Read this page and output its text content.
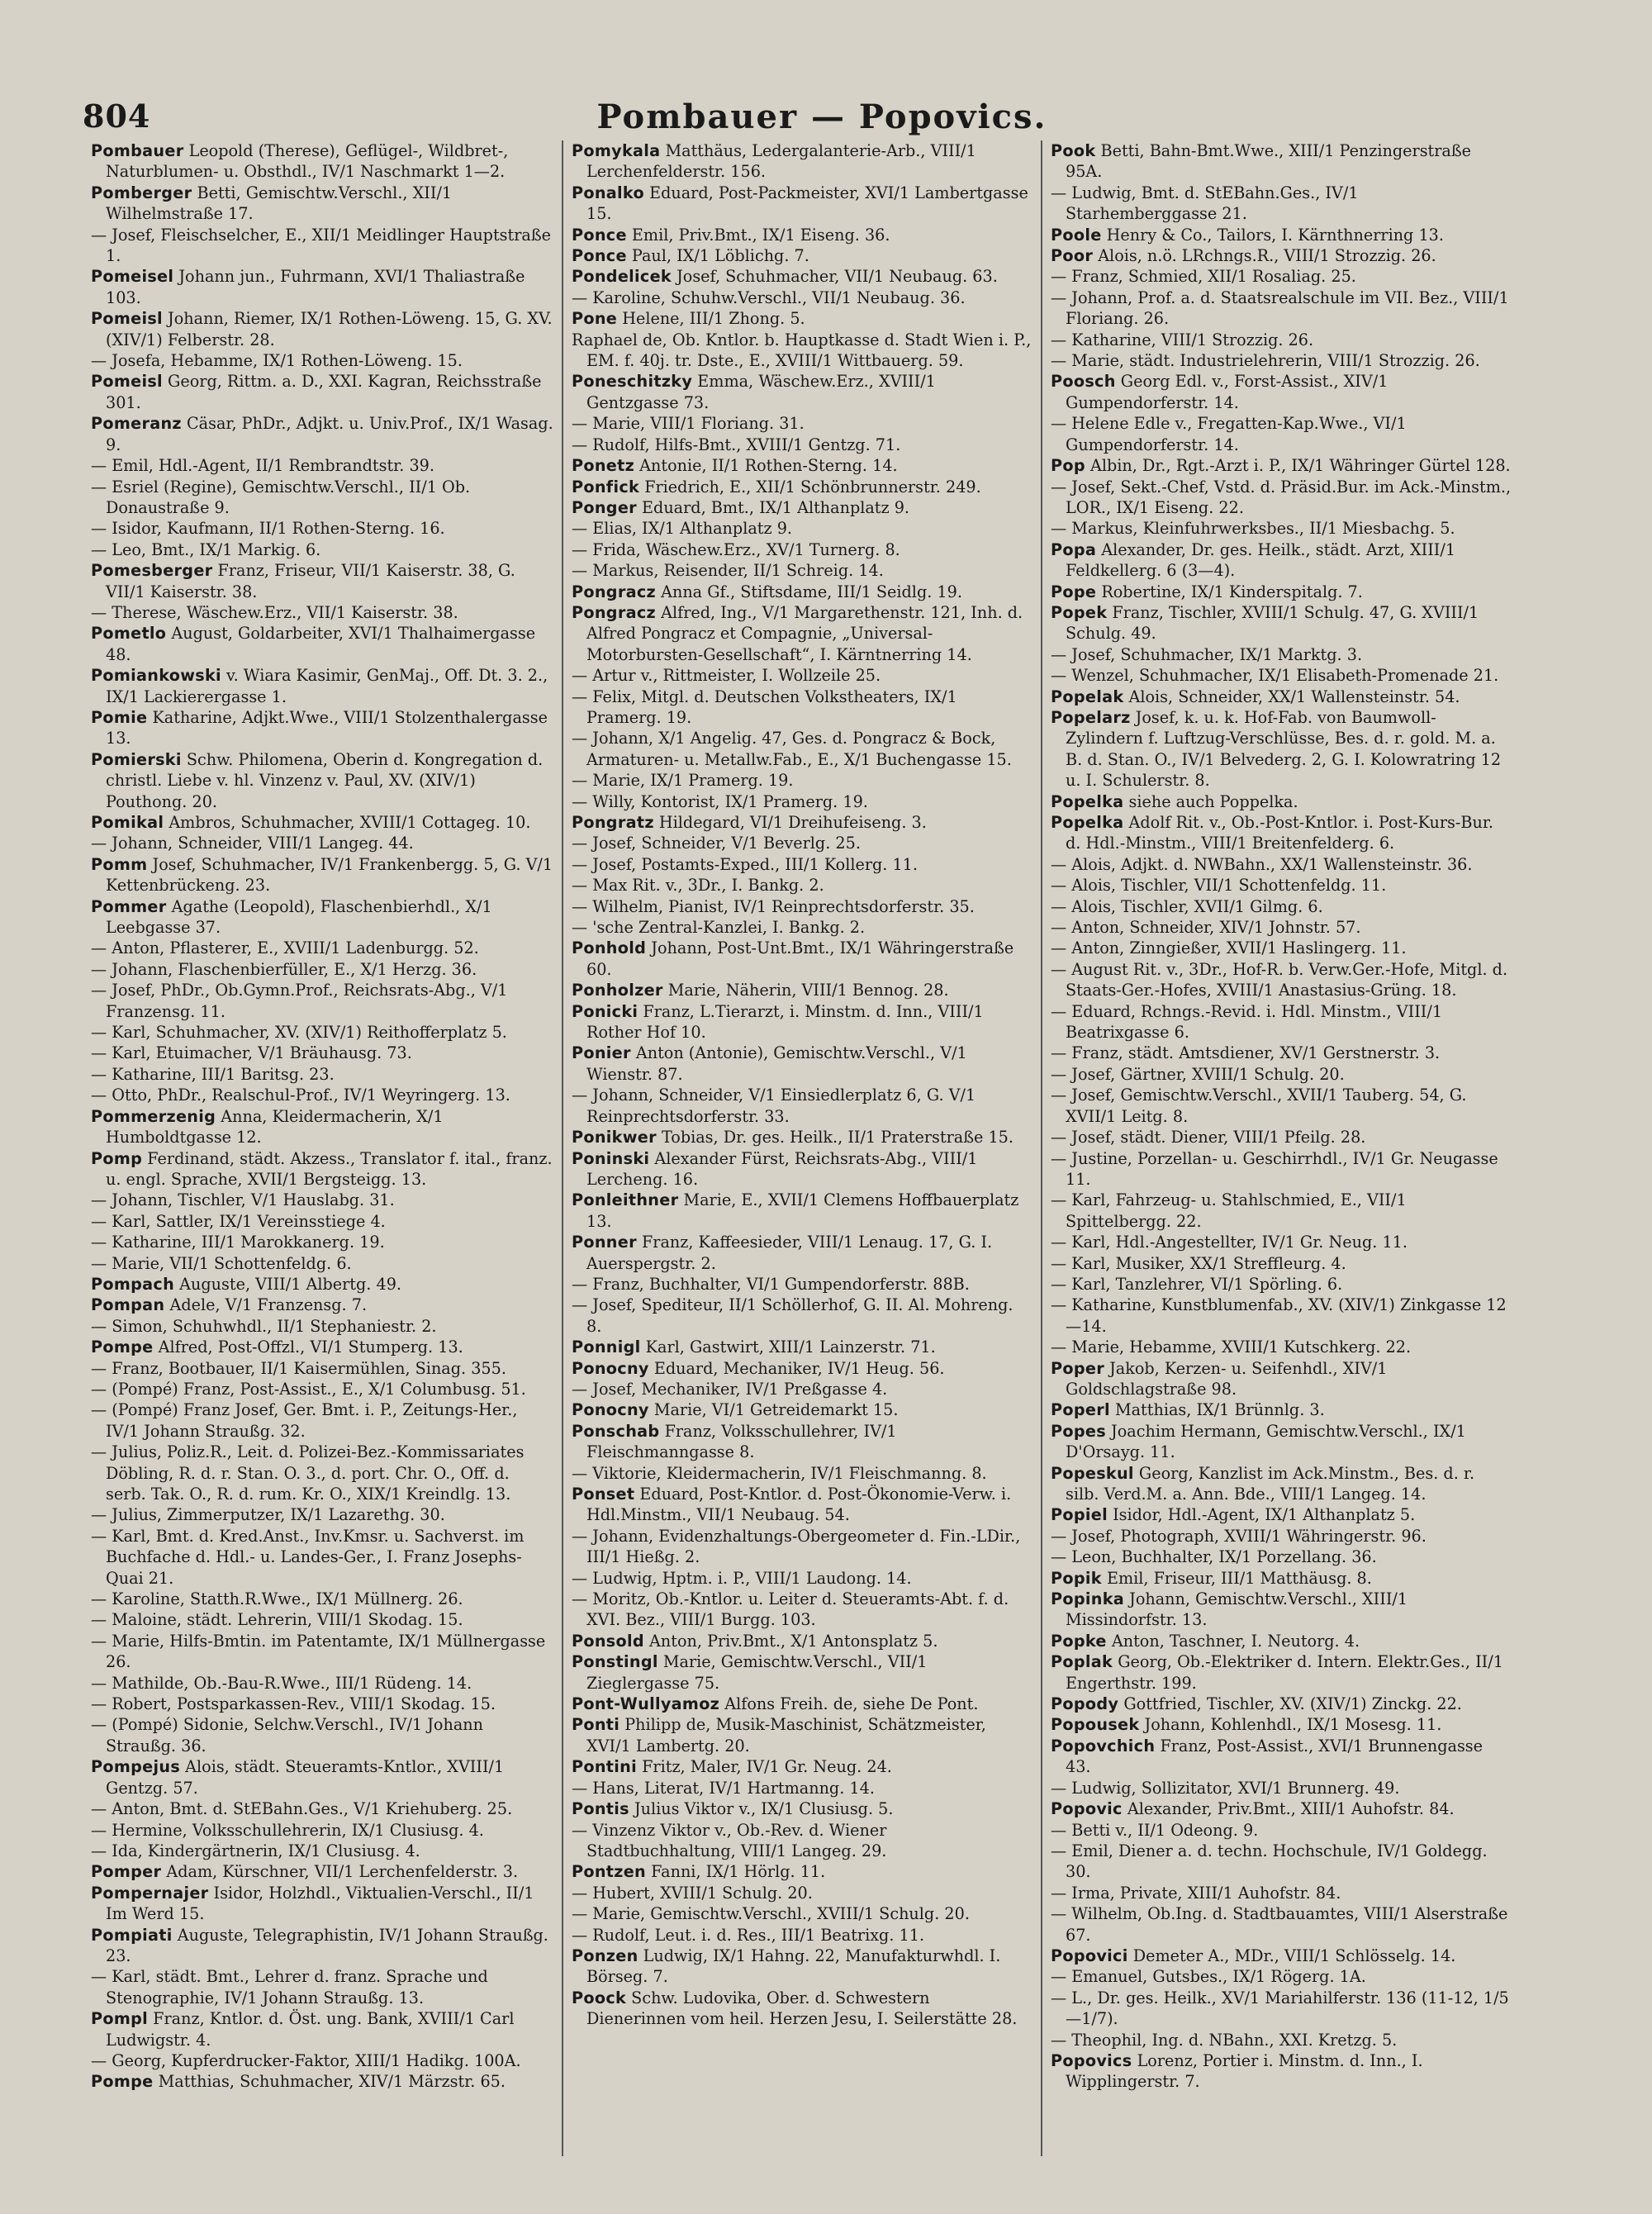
804	Pombauer — Popovics.

Pombauer Leopold (Therese), Geflügel-, Wildbret-, Naturblumen- u. Obsthdl., IV/1 Naschmarkt 1—2.

Pomberger Betti, Gemischtw.Verschl., XII/1 Wilhelmstraße 17.

— Josef, Fleischselcher, E., XII/1 Meidlinger Hauptstraße 1.

Pomeisel Johann jun., Fuhrmann, XVI/1 Thaliastraße 103.

Pomeisl Johann, Riemer, IX/1 Rothen-Löweng. 15, G. XV. (XIV/1) Felberstr. 28.

— Josefa, Hebamme, IX/1 Rothen-Löweng. 15.

Pomeisl Georg, Rittm. a. D., XXI. Kagran, Reichsstraße 301.

Pomeranz Cäsar, PhDr., Adjkt. u. Univ.Prof., IX/1 Wasag. 9.

— Emil, Hdl.-Agent, II/1 Rembrandtstr. 39.

— Esriel (Regine), Gemischtw.Verschl., II/1 Ob. Donaustraße 9.

— Isidor, Kaufmann, II/1 Rothen-Sterng. 16.

— Leo, Bmt., IX/1 Markig. 6.

Pomesberger Franz, Friseur, VII/1 Kaiserstr. 38, G. VII/1 Kaiserstr. 38.

— Therese, Wäschew.Erz., VII/1 Kaiserstr. 38.

Pometlo August, Goldarbeiter, XVI/1 Thalhaimergasse 48.

Pomiankowski v. Wiara Kasimir, GenMaj., Off. Dt. 3. 2., IX/1 Lackierergasse 1.

Pomie Katharine, Adjkt.Wwe., VIII/1 Stolzenthalergasse 13.

Pomierski Schw. Philomena, Oberin d. Kongregation d. christl. Liebe v. hl. Vinzenz v. Paul, XV. (XIV/1) Pouthong. 20.

Pomikal Ambros, Schuhmacher, XVIII/1 Cottageg. 10.

— Johann, Schneider, VIII/1 Langeg. 44.

Pomm Josef, Schuhmacher, IV/1 Frankenbergg. 5, G. V/1 Kettenbrückeng. 23.

Pommer Agathe (Leopold), Flaschenbierhdl., X/1 Leebgasse 37.

— Anton, Pflasterer, E., XVIII/1 Ladenburgg. 52.

— Johann, Flaschenbierfüller, E., X/1 Herzg. 36.

— Josef, PhDr., Ob.Gymn.Prof., Reichsrats-Abg., V/1 Franzensg. 11.

— Karl, Schuhmacher, XV. (XIV/1) Reithofferplatz 5.

— Karl, Etuimacher, V/1 Bräuhausg. 73.

— Katharine, III/1 Baritsg. 23.

— Otto, PhDr., Realschul-Prof., IV/1 Weyringerg. 13.

Pommerzenig Anna, Kleidermacherin, X/1 Humboldtgasse 12.

Pomp Ferdinand, städt. Akzess., Translator f. ital., franz. u. engl. Sprache, XVII/1 Bergsteigg. 13.

— Johann, Tischler, V/1 Hauslabg. 31.

— Karl, Sattler, IX/1 Vereinsstiege 4.

— Katharine, III/1 Marokkanerg. 19.

— Marie, VII/1 Schottenfeldg. 6.

Pompach Auguste, VIII/1 Albertg. 49.

Pompan Adele, V/1 Franzensg. 7.

— Simon, Schuhwhdl., II/1 Stephaniestr. 2.

Pompe Alfred, Post-Offzl., VI/1 Stumperg. 13.

— Franz, Bootbauer, II/1 Kaisermühlen, Sinag. 355.

— (Pompé) Franz, Post-Assist., E., X/1 Columbusg. 51.

— (Pompé) Franz Josef, Ger. Bmt. i. P., Zeitungs-Her., IV/1 Johann Straußg. 32.

— Julius, Poliz.R., Leit. d. Polizei-Bez.-Kommissariates Döbling, R. d. r. Stan. O. 3., d. port. Chr. O., Off. d. serb. Tak. O., R. d. rum. Kr. O., XIX/1 Kreindlg. 13.

— Julius, Zimmerputzer, IX/1 Lazarethg. 30.

— Karl, Bmt. d. Kred.Anst., Inv.Kmsr. u. Sachverst. im Buchfache d. Hdl.- u. Landes-Ger., I. Franz Josephs-Quai 21.

— Karoline, Statth.R.Wwe., IX/1 Müllnerg. 26.

— Maloine, städt. Lehrerin, VIII/1 Skodag. 15.

— Marie, Hilfs-Bmtin. im Patentamte, IX/1 Müllnergasse 26.

— Mathilde, Ob.-Bau-R.Wwe., III/1 Rüdeng. 14.

— Robert, Postsparkassen-Rev., VIII/1 Skodag. 15.

— (Pompé) Sidonie, Selchw.Verschl., IV/1 Johann Straußg. 36.

Pompejus Alois, städt. Steueramts-Kntlor., XVIII/1 Gentzg. 57.

— Anton, Bmt. d. StEBahn.Ges., V/1 Kriehuberg. 25.

— Hermine, Volksschullehrerin, IX/1 Clusiusg. 4.

— Ida, Kindergärtnerin, IX/1 Clusiusg. 4.

Pomper Adam, Kürschner, VII/1 Lerchenfelderstr. 3.

Pompernajer Isidor, Holzhdl., Viktualien-Verschl., II/1 Im Werd 15.

Pompiati Auguste, Telegraphistin, IV/1 Johann Straußg. 23.

— Karl, städt. Bmt., Lehrer d. franz. Sprache und Stenographie, IV/1 Johann Straußg. 13.

Pompl Franz, Kntlor. d. Öst. ung. Bank, XVIII/1 Carl Ludwigstr. 4.

— Georg, Kupferdrucker-Faktor, XIII/1 Hadikg. 100A.

Pompe Matthias, Schuhmacher, XIV/1 Märzstr. 65.

Pomykala Matthäus, Ledergalanterie-Arb., VIII/1 Lerchenfelderstr. 156.

Ponalko Eduard, Post-Packmeister, XVI/1 Lambertgasse 15.

Ponce Emil, Priv.Bmt., IX/1 Eiseng. 36.

Ponce Paul, IX/1 Löblichg. 7.

Pondelicek Josef, Schuhmacher, VII/1 Neubaug. 63.

— Karoline, Schuhw.Verschl., VII/1 Neubaug. 36.

Pone Helene, III/1 Zhong. 5.

Raphael de, Ob. Kntlor. b. Hauptkasse d. Stadt Wien i. P., EM. f. 40j. tr. Dste., E., XVIII/1 Wittbauerg. 59.

Poneschitzky Emma, Wäschew.Erz., XVIII/1 Gentzgasse 73.

— Marie, VIII/1 Floriang. 31.

— Rudolf, Hilfs-Bmt., XVIII/1 Gentzg. 71.

Ponetz Antonie, II/1 Rothen-Sterng. 14.

Ponfick Friedrich, E., XII/1 Schönbrunnerstr. 249.

Ponger Eduard, Bmt., IX/1 Althanplatz 9.

— Elias, IX/1 Althanplatz 9.

— Frida, Wäschew.Erz., XV/1 Turnerg. 8.

— Markus, Reisender, II/1 Schreig. 14.

Pongracz Anna Gf., Stiftsdame, III/1 Seidlg. 19.

Pongracz Alfred, Ing., V/1 Margarethenstr. 121, Inh. d. Alfred Pongracz et Compagnie, „Universal-Motorbursten-Gesellschaft“, I. Kärntnerring 14.

— Artur v., Rittmeister, I. Wollzeile 25.

— Felix, Mitgl. d. Deutschen Volkstheaters, IX/1 Pramerg. 19.

— Johann, X/1 Angelig. 47, Ges. d. Pongracz & Bock, Armaturen- u. Metallw.Fab., E., X/1 Buchengasse 15.

— Marie, IX/1 Pramerg. 19.

— Willy, Kontorist, IX/1 Pramerg. 19.

Pongratz Hildegard, VI/1 Dreihufeiseng. 3.

— Josef, Schneider, V/1 Beverlg. 25.

— Josef, Postamts-Exped., III/1 Kollerg. 11.

— Max Rit. v., 3Dr., I. Bankg. 2.

— Wilhelm, Pianist, IV/1 Reinprechtsdorferstr. 35.

— 'sche Zentral-Kanzlei, I. Bankg. 2.

Ponhold Johann, Post-Unt.Bmt., IX/1 Währingerstraße 60.

Ponholzer Marie, Näherin, VIII/1 Bennog. 28.

Ponicki Franz, L.Tierarzt, i. Minstm. d. Inn., VIII/1 Rother Hof 10.

Ponier Anton (Antonie), Gemischtw.Verschl., V/1 Wienstr. 87.

— Johann, Schneider, V/1 Einsiedlerplatz 6, G. V/1 Reinprechtsdorferstr. 33.

Ponikwer Tobias, Dr. ges. Heilk., II/1 Praterstraße 15.

Poninski Alexander Fürst, Reichsrats-Abg., VIII/1 Lercheng. 16.

Ponleithner Marie, E., XVII/1 Clemens Hoffbauerplatz 13.

Ponner Franz, Kaffeesieder, VIII/1 Lenaug. 17, G. I. Auerspergstr. 2.

— Franz, Buchhalter, VI/1 Gumpendorferstr. 88B.

— Josef, Spediteur, II/1 Schöllerhof, G. II. Al. Mohreng. 8.

Ponnigl Karl, Gastwirt, XIII/1 Lainzerstr. 71.

Ponocny Eduard, Mechaniker, IV/1 Heug. 56.

— Josef, Mechaniker, IV/1 Preßgasse 4.

Ponocny Marie, VI/1 Getreidemarkt 15.

Ponschab Franz, Volksschullehrer, IV/1 Fleischmanngasse 8.

— Viktorie, Kleidermacherin, IV/1 Fleischmanng. 8.

Ponset Eduard, Post-Kntlor. d. Post-Ökonomie-Verw. i. Hdl.Minstm., VII/1 Neubaug. 54.

— Johann, Evidenzhaltungs-Obergeometer d. Fin.-LDir., III/1 Hießg. 2.

— Ludwig, Hptm. i. P., VIII/1 Laudong. 14.

— Moritz, Ob.-Kntlor. u. Leiter d. Steueramts-Abt. f. d. XVI. Bez., VIII/1 Burgg. 103.

Ponsold Anton, Priv.Bmt., X/1 Antonsplatz 5.

Ponstingl Marie, Gemischtw.Verschl., VII/1 Zieglergasse 75.

Pont-Wullyamoz Alfons Freih. de, siehe De Pont.

Ponti Philipp de, Musik-Maschinist, Schätzmeister, XVI/1 Lambertg. 20.

Pontini Fritz, Maler, IV/1 Gr. Neug. 24.

— Hans, Literat, IV/1 Hartmanng. 14.

Pontis Julius Viktor v., IX/1 Clusiusg. 5.

— Vinzenz Viktor v., Ob.-Rev. d. Wiener Stadtbuchhaltung, VIII/1 Langeg. 29.

Pontzen Fanni, IX/1 Hörlg. 11.

— Hubert, XVIII/1 Schulg. 20.

— Marie, Gemischtw.Verschl., XVIII/1 Schulg. 20.

— Rudolf, Leut. i. d. Res., III/1 Beatrixg. 11.

Ponzen Ludwig, IX/1 Hahng. 22, Manufakturwhdl. I. Börseg. 7.

Poock Schw. Ludovika, Ober. d. Schwestern Dienerinnen vom heil. Herzen Jesu, I. Seilerstätte 28.

Pook Betti, Bahn-Bmt.Wwe., XIII/1 Penzingerstraße 95A.

— Ludwig, Bmt. d. StEBahn.Ges., IV/1 Starhemberggasse 21.

Poole Henry & Co., Tailors, I. Kärnthnerring 13.

Poor Alois, n.ö. LRchngs.R., VIII/1 Strozzig. 26.

— Franz, Schmied, XII/1 Rosaliag. 25.

— Johann, Prof. a. d. Staatsrealschule im VII. Bez., VIII/1 Floriang. 26.

— Katharine, VIII/1 Strozzig. 26.

— Marie, städt. Industrielehrerin, VIII/1 Strozzig. 26.

Poosch Georg Edl. v., Forst-Assist., XIV/1 Gumpendorferstr. 14.

— Helene Edle v., Fregatten-Kap.Wwe., VI/1 Gumpendorferstr. 14.

Pop Albin, Dr., Rgt.-Arzt i. P., IX/1 Währinger Gürtel 128.

— Josef, Sekt.-Chef, Vstd. d. Präsid.Bur. im Ack.-Minstm., LOR., IX/1 Eiseng. 22.

— Markus, Kleinfuhrwerksbes., II/1 Miesbachg. 5.

Popa Alexander, Dr. ges. Heilk., städt. Arzt, XIII/1 Feldkellerg. 6 (3—4).

Pope Robertine, IX/1 Kinderspitalg. 7.

Popek Franz, Tischler, XVIII/1 Schulg. 47, G. XVIII/1 Schulg. 49.

— Josef, Schuhmacher, IX/1 Marktg. 3.

— Wenzel, Schuhmacher, IX/1 Elisabeth-Promenade 21.

Popelak Alois, Schneider, XX/1 Wallensteinstr. 54.

Popelarz Josef, k. u. k. Hof-Fab. von Baumwoll-Zylindern f. Luftzug-Verschlüsse, Bes. d. r. gold. M. a. B. d. Stan. O., IV/1 Belvederg. 2, G. I. Kolowratring 12 u. I. Schulerstr. 8.

Popelka siehe auch Poppelka.

Popelka Adolf Rit. v., Ob.-Post-Kntlor. i. Post-Kurs-Bur. d. Hdl.-Minstm., VIII/1 Breitenfelderg. 6.

— Alois, Adjkt. d. NWBahn., XX/1 Wallensteinstr. 36.

— Alois, Tischler, VII/1 Schottenfeldg. 11.

— Alois, Tischler, XVII/1 Gilmg. 6.

— Anton, Schneider, XIV/1 Johnstr. 57.

— Anton, Zinngießer, XVII/1 Haslingerg. 11.

— August Rit. v., 3Dr., Hof-R. b. Verw.Ger.-Hofe, Mitgl. d. Staats-Ger.-Hofes, XVIII/1 Anastasius-Grüng. 18.

— Eduard, Rchngs.-Revid. i. Hdl. Minstm., VIII/1 Beatrixgasse 6.

— Franz, städt. Amtsdiener, XV/1 Gerstnerstr. 3.

— Josef, Gärtner, XVIII/1 Schulg. 20.

— Josef, Gemischtw.Verschl., XVII/1 Tauberg. 54, G. XVII/1 Leitg. 8.

— Josef, städt. Diener, VIII/1 Pfeilg. 28.

— Justine, Porzellan- u. Geschirrhdl., IV/1 Gr. Neugasse 11.

— Karl, Fahrzeug- u. Stahlschmied, E., VII/1 Spittelbergg. 22.

— Karl, Hdl.-Angestellter, IV/1 Gr. Neug. 11.

— Karl, Musiker, XX/1 Streffleurg. 4.

— Karl, Tanzlehrer, VI/1 Spörling. 6.

— Katharine, Kunstblumenfab., XV. (XIV/1) Zinkgasse 12—14.

— Marie, Hebamme, XVIII/1 Kutschkerg. 22.

Poper Jakob, Kerzen- u. Seifenhdl., XIV/1 Goldschlagstraße 98.

Poperl Matthias, IX/1 Brünnlg. 3.

Popes Joachim Hermann, Gemischtw.Verschl., IX/1 D'Orsayg. 11.

Popeskul Georg, Kanzlist im Ack.Minstm., Bes. d. r. silb. Verd.M. a. Ann. Bde., VIII/1 Langeg. 14.

Popiel Isidor, Hdl.-Agent, IX/1 Althanplatz 5.

— Josef, Photograph, XVIII/1 Währingerstr. 96.

— Leon, Buchhalter, IX/1 Porzellang. 36.

Popik Emil, Friseur, III/1 Matthäusg. 8.

Popinka Johann, Gemischtw.Verschl., XIII/1 Missindorfstr. 13.

Popke Anton, Taschner, I. Neutorg. 4.

Poplak Georg, Ob.-Elektriker d. Intern. Elektr.Ges., II/1 Engerthstr. 199.

Popody Gottfried, Tischler, XV. (XIV/1) Zinckg. 22.

Popousek Johann, Kohlenhdl., IX/1 Mosesg. 11.

Popovchich Franz, Post-Assist., XVI/1 Brunnengasse 43.

— Ludwig, Sollizitator, XVI/1 Brunnerg. 49.

Popovic Alexander, Priv.Bmt., XIII/1 Auhofstr. 84.

— Betti v., II/1 Odeong. 9.

— Emil, Diener a. d. techn. Hochschule, IV/1 Goldegg. 30.

— Irma, Private, XIII/1 Auhofstr. 84.

— Wilhelm, Ob.Ing. d. Stadtbauamtes, VIII/1 Alserstraße 67.

Popovici Demeter A., MDr., VIII/1 Schlösselg. 14.

— Emanuel, Gutsbes., IX/1 Rögerg. 1A.

— L., Dr. ges. Heilk., XV/1 Mariahilferstr. 136 (11-12, 1/5—1/7).

— Theophil, Ing. d. NBahn., XXI. Kretzg. 5.

Popovics Lorenz, Portier i. Minstm. d. Inn., I. Wipplingerstr. 7.
